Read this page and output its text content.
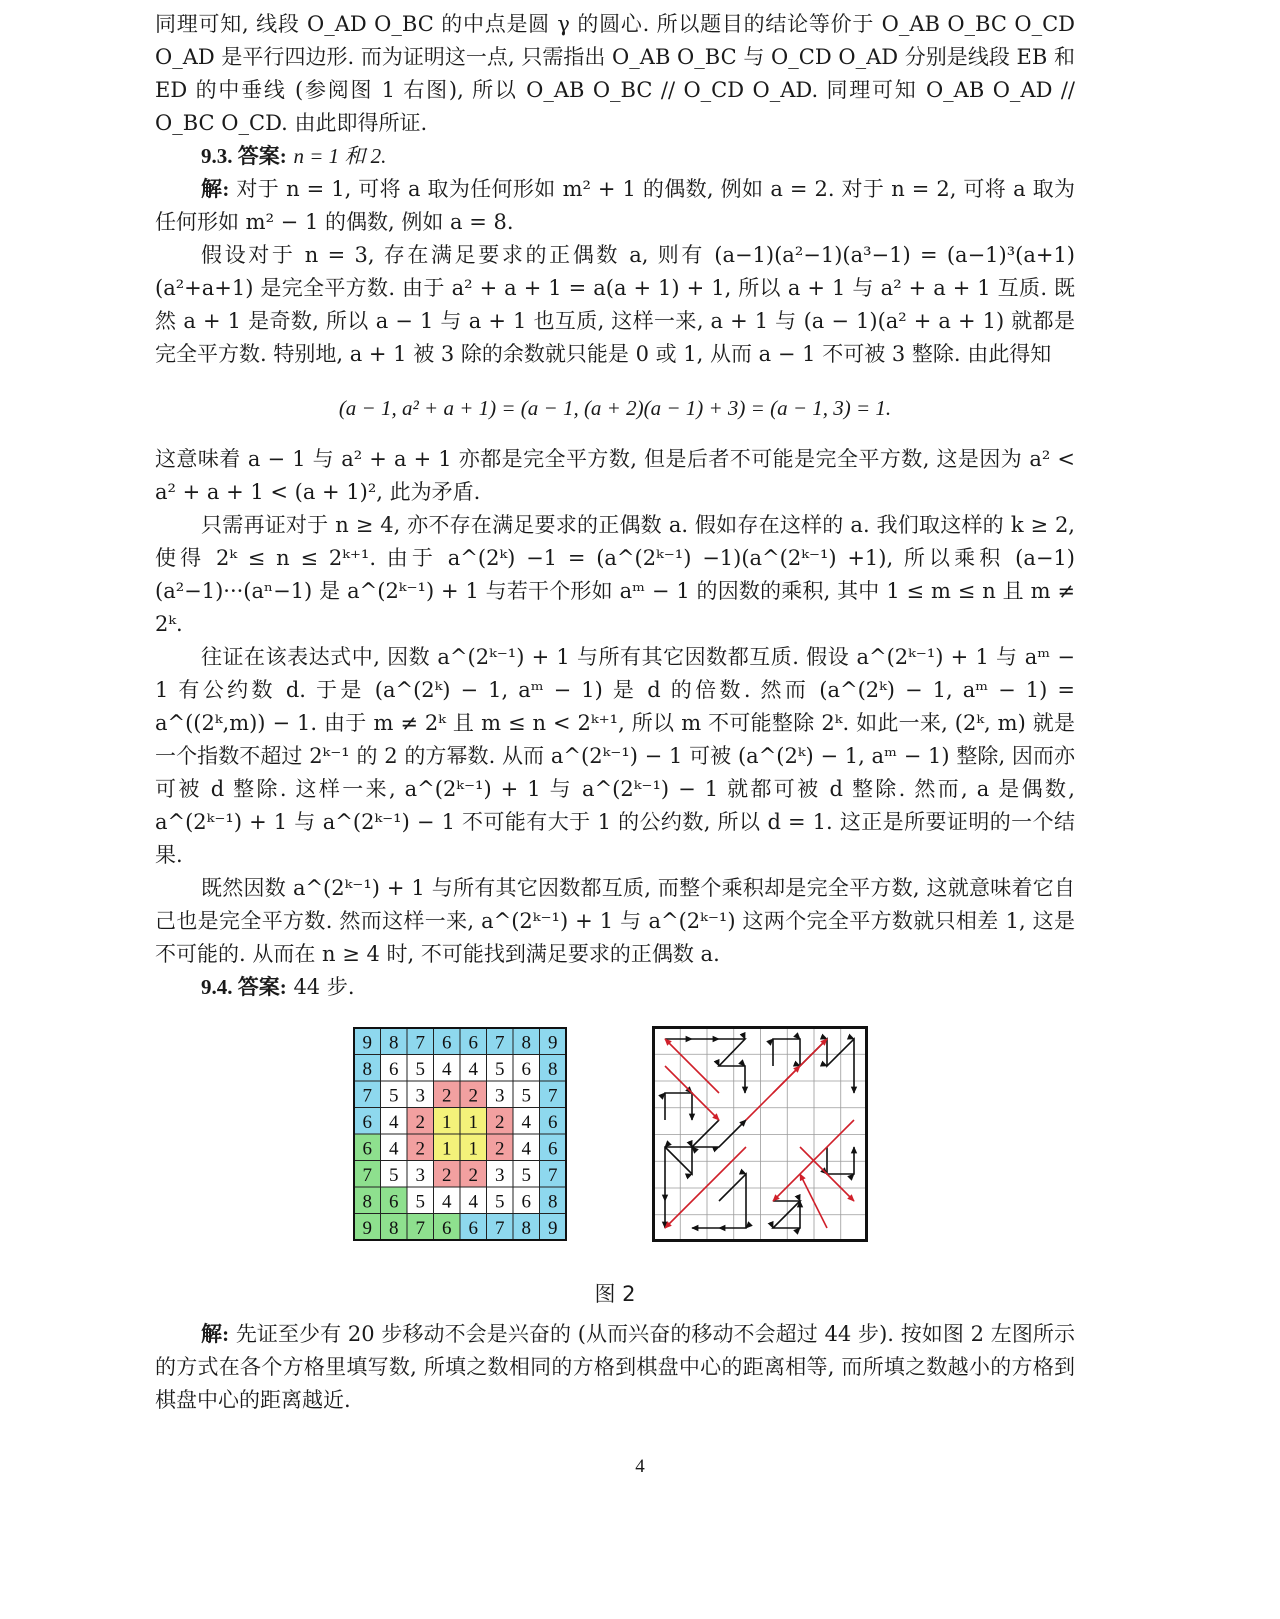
同理可知, 线段 O_AD O_BC 的中点是圆 γ 的圆心. 所以题目的结论等价于 O_AB O_BC O_CD O_AD 是平行四边形. 而为证明这一点, 只需指出 O_AB O_BC 与 O_CD O_AD 分别是线段 EB 和 ED 的中垂线 (参阅图 1 右图), 所以 O_AB O_BC // O_CD O_AD. 同理可知 O_AB O_AD // O_BC O_CD. 由此即得所证.

9.3. 答案: n = 1 和 2.

解: 对于 n = 1, 可将 a 取为任何形如 m² + 1 的偶数, 例如 a = 2. 对于 n = 2, 可将 a 取为任何形如 m² − 1 的偶数, 例如 a = 8.

假设对于 n = 3, 存在满足要求的正偶数 a, 则有 (a−1)(a²−1)(a³−1) = (a−1)³(a+1)(a²+a+1) 是完全平方数. 由于 a² + a + 1 = a(a + 1) + 1, 所以 a + 1 与 a² + a + 1 互质. 既然 a + 1 是奇数, 所以 a − 1 与 a + 1 也互质, 这样一来, a + 1 与 (a − 1)(a² + a + 1) 就都是完全平方数. 特别地, a + 1 被 3 除的余数就只能是 0 或 1, 从而 a − 1 不可被 3 整除. 由此得知

(a − 1, a² + a + 1) = (a − 1, (a + 2)(a − 1) + 3) = (a − 1, 3) = 1.

这意味着 a − 1 与 a² + a + 1 亦都是完全平方数, 但是后者不可能是完全平方数, 这是因为 a² < a² + a + 1 < (a + 1)², 此为矛盾.

只需再证对于 n ≥ 4, 亦不存在满足要求的正偶数 a. 假如存在这样的 a. 我们取这样的 k ≥ 2, 使得 2ᵏ ≤ n ≤ 2ᵏ⁺¹. 由于 a^(2ᵏ) −1 = (a^(2ᵏ⁻¹) −1)(a^(2ᵏ⁻¹) +1), 所以乘积 (a−1)(a²−1)···(aⁿ−1) 是 a^(2ᵏ⁻¹) + 1 与若干个形如 aᵐ − 1 的因数的乘积, 其中 1 ≤ m ≤ n 且 m ≠ 2ᵏ.

往证在该表达式中, 因数 a^(2ᵏ⁻¹) + 1 与所有其它因数都互质. 假设 a^(2ᵏ⁻¹) + 1 与 aᵐ − 1 有公约数 d. 于是 (a^(2ᵏ) − 1, aᵐ − 1) 是 d 的倍数. 然而 (a^(2ᵏ) − 1, aᵐ − 1) = a^((2ᵏ,m)) − 1. 由于 m ≠ 2ᵏ 且 m ≤ n < 2ᵏ⁺¹, 所以 m 不可能整除 2ᵏ. 如此一来, (2ᵏ, m) 就是一个指数不超过 2ᵏ⁻¹ 的 2 的方幂数. 从而 a^(2ᵏ⁻¹) − 1 可被 (a^(2ᵏ) − 1, aᵐ − 1) 整除, 因而亦可被 d 整除. 这样一来, a^(2ᵏ⁻¹) + 1 与 a^(2ᵏ⁻¹) − 1 就都可被 d 整除. 然而, a 是偶数, a^(2ᵏ⁻¹) + 1 与 a^(2ᵏ⁻¹) − 1 不可能有大于 1 的公约数, 所以 d = 1. 这正是所要证明的一个结果.

既然因数 a^(2ᵏ⁻¹) + 1 与所有其它因数都互质, 而整个乘积却是完全平方数, 这就意味着它自己也是完全平方数. 然而这样一来, a^(2ᵏ⁻¹) + 1 与 a^(2ᵏ⁻¹) 这两个完全平方数就只相差 1, 这是不可能的. 从而在 n ≥ 4 时, 不可能找到满足要求的正偶数 a.

9.4. 答案: 44 步.

9 8 7 6 6 7 8 9
8 6 5 4 4 5 6 8
7 5 3 2 2 3 5 7
6 4 2 1 1 2 4 6
6 4 2 1 1 2 4 6
7 5 3 2 2 3 5 7
8 6 5 4 4 5 6 8
9 8 7 6 6 7 8 9
图 2

解: 先证至少有 20 步移动不会是兴奋的 (从而兴奋的移动不会超过 44 步). 按如图 2 左图所示的方式在各个方格里填写数, 所填之数相同的方格到棋盘中心的距离相等, 而所填之数越小的方格到棋盘中心的距离越近.

4
